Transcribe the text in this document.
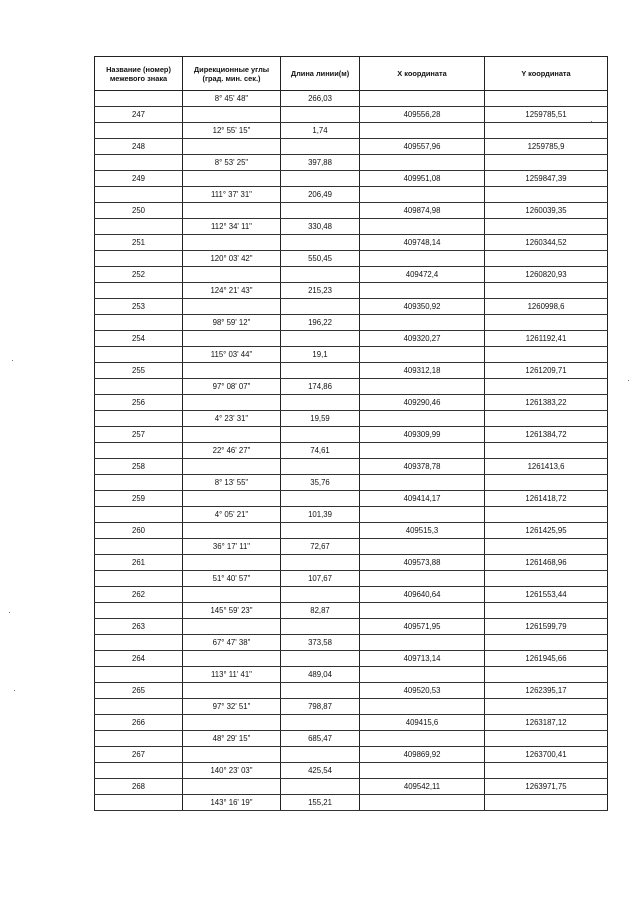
Название (номер)
межевого знака	Дирекционные углы
(град. мин. сек.)	Длина линии(м)	X координата	Y координата
	8° 45' 48"	266,03		
247			409556,28	1259785,51
	12° 55' 15"	1,74		
248			409557,96	1259785,9
	8° 53' 25"	397,88		
249			409951,08	1259847,39
	111° 37' 31"	206,49		
250			409874,98	1260039,35
	112° 34' 11"	330,48		
251			409748,14	1260344,52
	120° 03' 42"	550,45		
252			409472,4	1260820,93
	124° 21' 43"	215,23		
253			409350,92	1260998,6
	98° 59' 12"	196,22		
254			409320,27	1261192,41
	115° 03' 44"	19,1		
255			409312,18	1261209,71
	97° 08' 07"	174,86		
256			409290,46	1261383,22
	4° 23' 31"	19,59		
257			409309,99	1261384,72
	22° 46' 27"	74,61		
258			409378,78	1261413,6
	8° 13' 55"	35,76		
259			409414,17	1261418,72
	4° 05' 21"	101,39		
260			409515,3	1261425,95
	36° 17' 11"	72,67		
261			409573,88	1261468,96
	51° 40' 57"	107,67		
262			409640,64	1261553,44
	145° 59' 23"	82,87		
263			409571,95	1261599,79
	67° 47' 38"	373,58		
264			409713,14	1261945,66
	113° 11' 41"	489,04		
265			409520,53	1262395,17
	97° 32' 51"	798,87		
266			409415,6	1263187,12
	48° 29' 15"	685,47		
267			409869,92	1263700,41
	140° 23' 03"	425,54		
268			409542,11	1263971,75
	143° 16' 19"	155,21		
